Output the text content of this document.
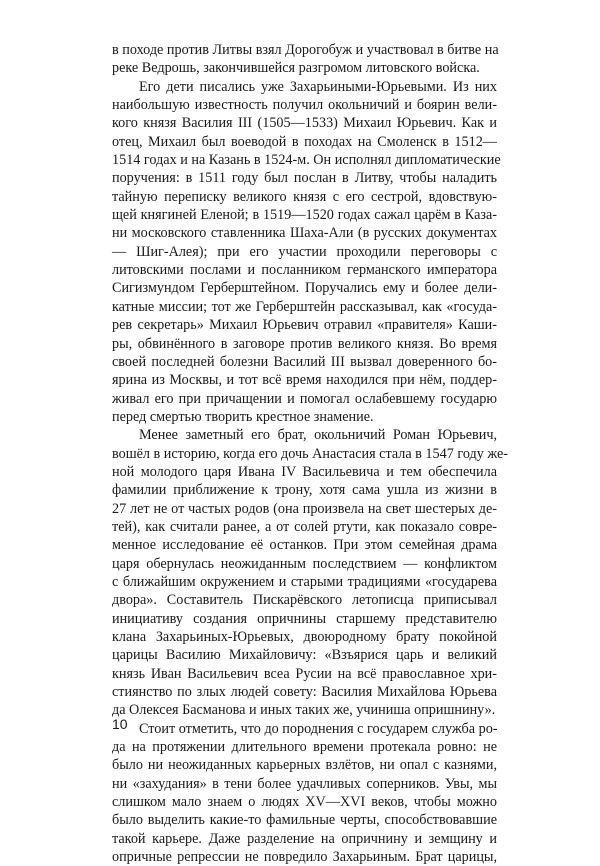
в походе против Литвы взял Дорогобуж и участвовал в битве на
реке Ведрошь, закончившейся разгромом литовского войска.
Его дети писались уже Захарьиными-Юрьевыми. Из них
наибольшую известность получил окольничий и боярин вели-
кого князя Василия III (1505—1533) Михаил Юрьевич. Как и
отец, Михаил был воеводой в походах на Смоленск в 1512—
1514 годах и на Казань в 1524-м. Он исполнял дипломатические
поручения: в 1511 году был послан в Литву, чтобы наладить
тайную переписку великого князя с его сестрой, вдовствую-
щей княгиней Еленой; в 1519—1520 годах сажал царём в Каза-
ни московского ставленника Шаха-Али (в русских документах
— Шиг-Алея); при его участии проходили переговоры с
литовскими послами и посланником германского императора
Сигизмундом Герберштейном. Поручались ему и более дели-
катные миссии; тот же Герберштейн рассказывал, как «госуда-
рев секретарь» Михаил Юрьевич отравил «правителя» Каши-
ры, обвинённого в заговоре против великого князя. Во время
своей последней болезни Василий III вызвал доверенного бо-
ярина из Москвы, и тот всё время находился при нём, поддер-
живал его при причащении и помогал ослабевшему государю
перед смертью творить крестное знамение.
Менее заметный его брат, окольничий Роман Юрьевич,
вошёл в историю, когда его дочь Анастасия стала в 1547 году же-
ной молодого царя Ивана IV Васильевича и тем обеспечила
фамилии приближение к трону, хотя сама ушла из жизни в
27 лет не от частых родов (она произвела на свет шестерых де-
тей), как считали ранее, а от солей ртути, как показало совре-
менное исследование её останков. При этом семейная драма
царя обернулась неожиданным последствием — конфликтом
с ближайшим окружением и старыми традициями «государева
двора». Составитель Пискарёвского летописца приписывал
инициативу создания опричнины старшему представителю
клана Захарьиных-Юрьевых, двоюродному брату покойной
царицы Василию Михайловичу: «Взъярися царь и великий
князь Иван Васильевич всеа Русии на всё православное хри-
стиянство по злых людей совету: Василия Михайлова Юрьева
да Олексея Басманова и иных таких же, учиниша опришнину».
Стоит отметить, что до породнения с государем служба ро-
да на протяжении длительного времени протекала ровно: не
было ни неожиданных карьерных взлётов, ни опал с казнями,
ни «захудания» в тени более удачливых соперников. Увы, мы
слишком мало знаем о людях XV—XVI веков, чтобы можно
было выделить какие-то фамильные черты, способствовавшие
такой карьере. Даже разделение на опричнину и земщину и
опричные репрессии не повредило Захарьиным. Брат царицы,
10
